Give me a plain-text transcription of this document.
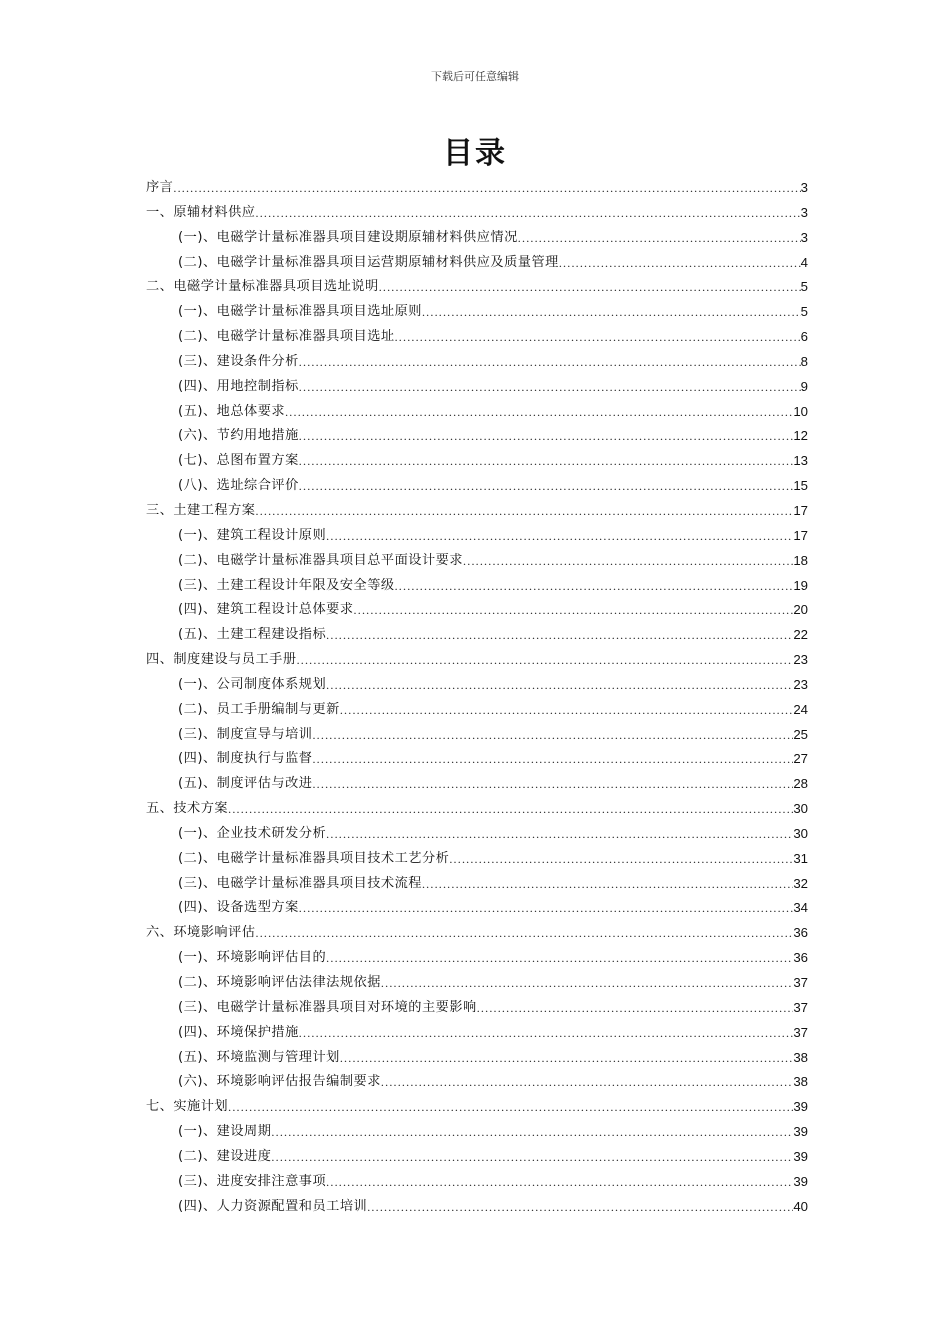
下载后可任意编辑
目录
序言 .....	3
一、原辅材料供应 .....	3
(一)、电磁学计量标准器具项目建设期原辅材料供应情况 .....	3
(二)、电磁学计量标准器具项目运营期原辅材料供应及质量管理 .....	4
二、电磁学计量标准器具项目选址说明 .....	5
(一)、电磁学计量标准器具项目选址原则 .....	5
(二)、电磁学计量标准器具项目选址 .....	6
(三)、建设条件分析 .....	8
(四)、用地控制指标 .....	9
(五)、地总体要求 .....	10
(六)、节约用地措施 .....	12
(七)、总图布置方案 .....	13
(八)、选址综合评价 .....	15
三、土建工程方案 .....	17
(一)、建筑工程设计原则 .....	17
(二)、电磁学计量标准器具项目总平面设计要求 .....	18
(三)、土建工程设计年限及安全等级 .....	19
(四)、建筑工程设计总体要求 .....	20
(五)、土建工程建设指标 .....	22
四、制度建设与员工手册 .....	23
(一)、公司制度体系规划 .....	23
(二)、员工手册编制与更新 .....	24
(三)、制度宣导与培训 .....	25
(四)、制度执行与监督 .....	27
(五)、制度评估与改进 .....	28
五、技术方案 .....	30
(一)、企业技术研发分析 .....	30
(二)、电磁学计量标准器具项目技术工艺分析 .....	31
(三)、电磁学计量标准器具项目技术流程 .....	32
(四)、设备选型方案 .....	34
六、环境影响评估 .....	36
(一)、环境影响评估目的 .....	36
(二)、环境影响评估法律法规依据 .....	37
(三)、电磁学计量标准器具项目对环境的主要影响 .....	37
(四)、环境保护措施 .....	37
(五)、环境监测与管理计划 .....	38
(六)、环境影响评估报告编制要求 .....	38
七、实施计划 .....	39
(一)、建设周期 .....	39
(二)、建设进度 .....	39
(三)、进度安排注意事项 .....	39
(四)、人力资源配置和员工培训 .....	40
